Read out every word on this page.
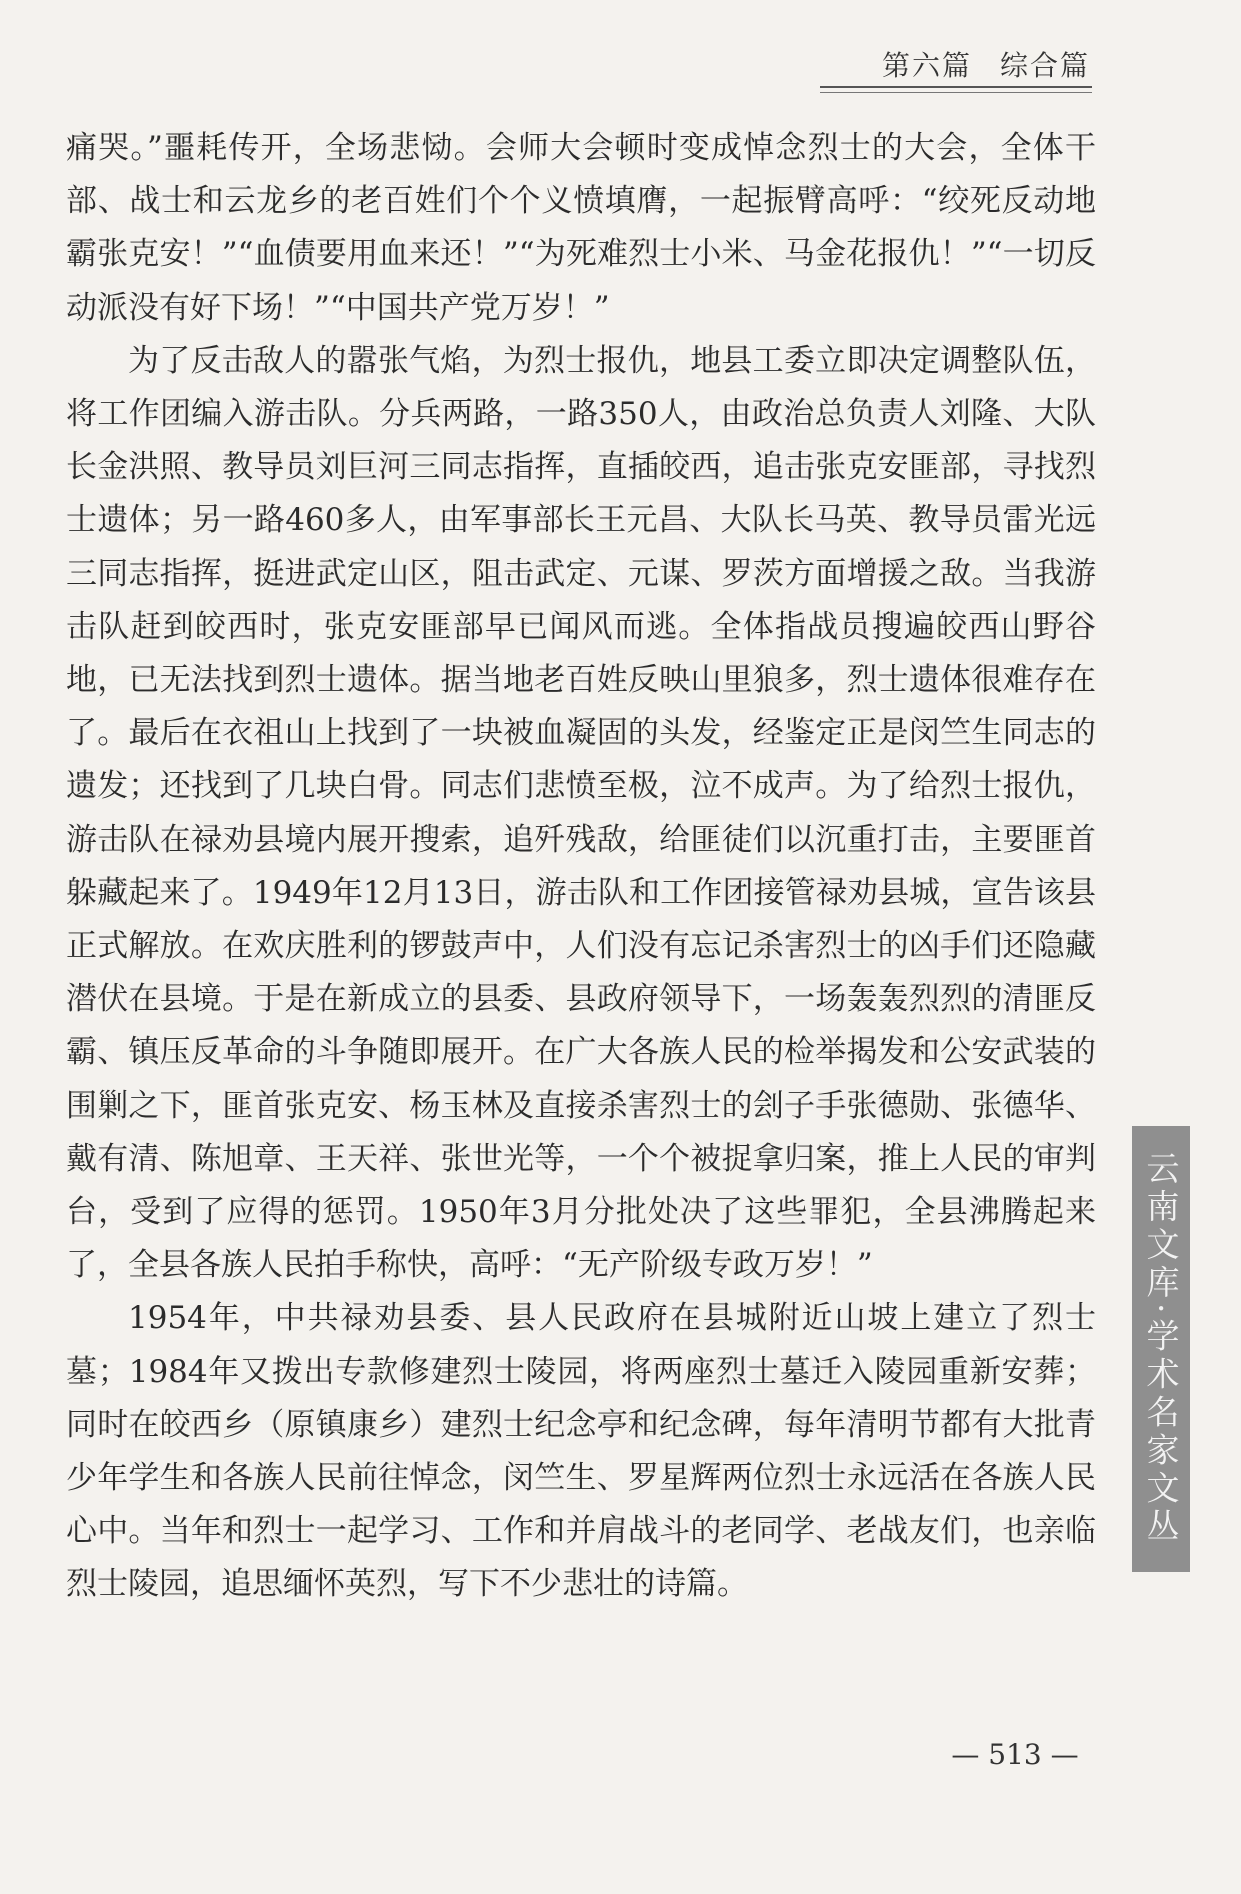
第六篇 综合篇

痛哭。”噩耗传开，全场悲恸。会师大会顿时变成悼念烈士的大会，全体干部、战士和云龙乡的老百姓们个个义愤填膺，一起振臂高呼：“绞死反动地霸张克安！”“血债要用血来还！”“为死难烈士小米、马金花报仇！”“一切反动派没有好下场！”“中国共产党万岁！”

为了反击敌人的嚣张气焰，为烈士报仇，地县工委立即决定调整队伍，将工作团编入游击队。分兵两路，一路350人，由政治总负责人刘隆、大队长金洪照、教导员刘巨河三同志指挥，直插皎西，追击张克安匪部，寻找烈士遗体；另一路460多人，由军事部长王元昌、大队长马英、教导员雷光远三同志指挥，挺进武定山区，阻击武定、元谋、罗茨方面增援之敌。当我游击队赶到皎西时，张克安匪部早已闻风而逃。全体指战员搜遍皎西山野谷地，已无法找到烈士遗体。据当地老百姓反映山里狼多，烈士遗体很难存在了。最后在衣祖山上找到了一块被血凝固的头发，经鉴定正是闵竺生同志的遗发；还找到了几块白骨。同志们悲愤至极，泣不成声。为了给烈士报仇，游击队在禄劝县境内展开搜索，追歼残敌，给匪徒们以沉重打击，主要匪首躲藏起来了。1949年12月13日，游击队和工作团接管禄劝县城，宣告该县正式解放。在欢庆胜利的锣鼓声中，人们没有忘记杀害烈士的凶手们还隐藏潜伏在县境。于是在新成立的县委、县政府领导下，一场轰轰烈烈的清匪反霸、镇压反革命的斗争随即展开。在广大各族人民的检举揭发和公安武装的围剿之下，匪首张克安、杨玉林及直接杀害烈士的刽子手张德勋、张德华、戴有清、陈旭章、王天祥、张世光等，一个个被捉拿归案，推上人民的审判台，受到了应得的惩罚。1950年3月分批处决了这些罪犯，全县沸腾起来了，全县各族人民拍手称快，高呼：“无产阶级专政万岁！”

1954年，中共禄劝县委、县人民政府在县城附近山坡上建立了烈士墓；1984年又拨出专款修建烈士陵园，将两座烈士墓迁入陵园重新安葬；同时在皎西乡（原镇康乡）建烈士纪念亭和纪念碑，每年清明节都有大批青少年学生和各族人民前往悼念，闵竺生、罗星辉两位烈士永远活在各族人民心中。当年和烈士一起学习、工作和并肩战斗的老同学、老战友们，也亲临烈士陵园，追思缅怀英烈，写下不少悲壮的诗篇。

云南文库·学术名家文丛
— 513 —
